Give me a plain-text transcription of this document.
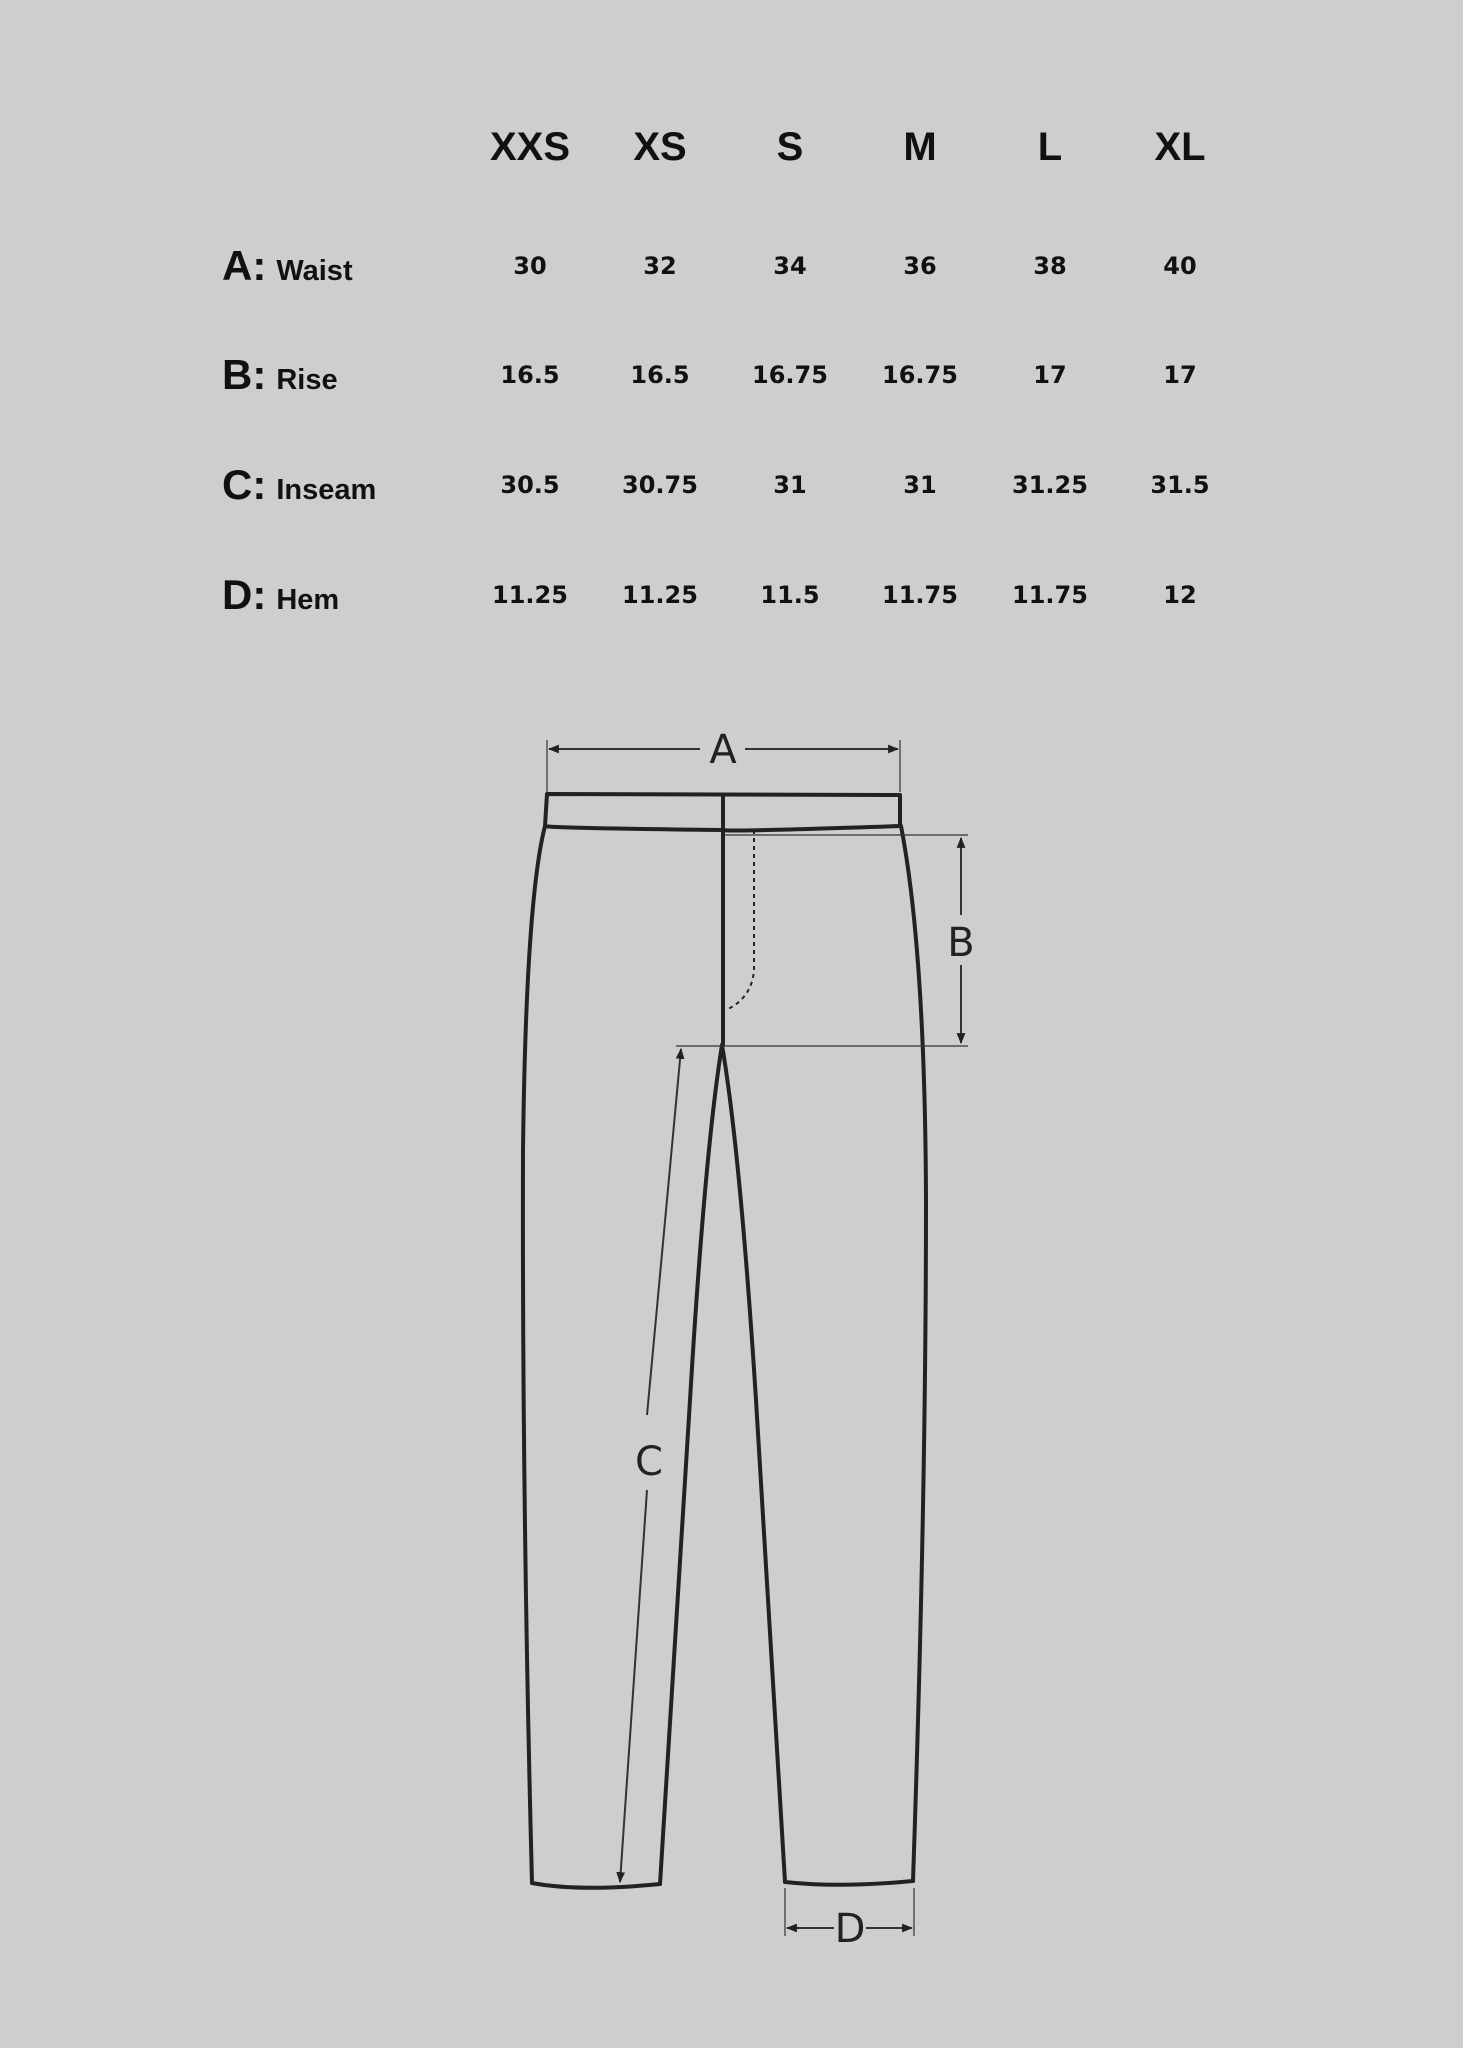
	XXS	XS	S	M	L	XL
A: Waist	30	32	34	36	38	40
B: Rise	16.5	16.5	16.75	16.75	17	17
C: Inseam	30.5	30.75	31	31	31.25	31.5
D: Hem	11.25	11.25	11.5	11.75	11.75	12
A
B
C
D
